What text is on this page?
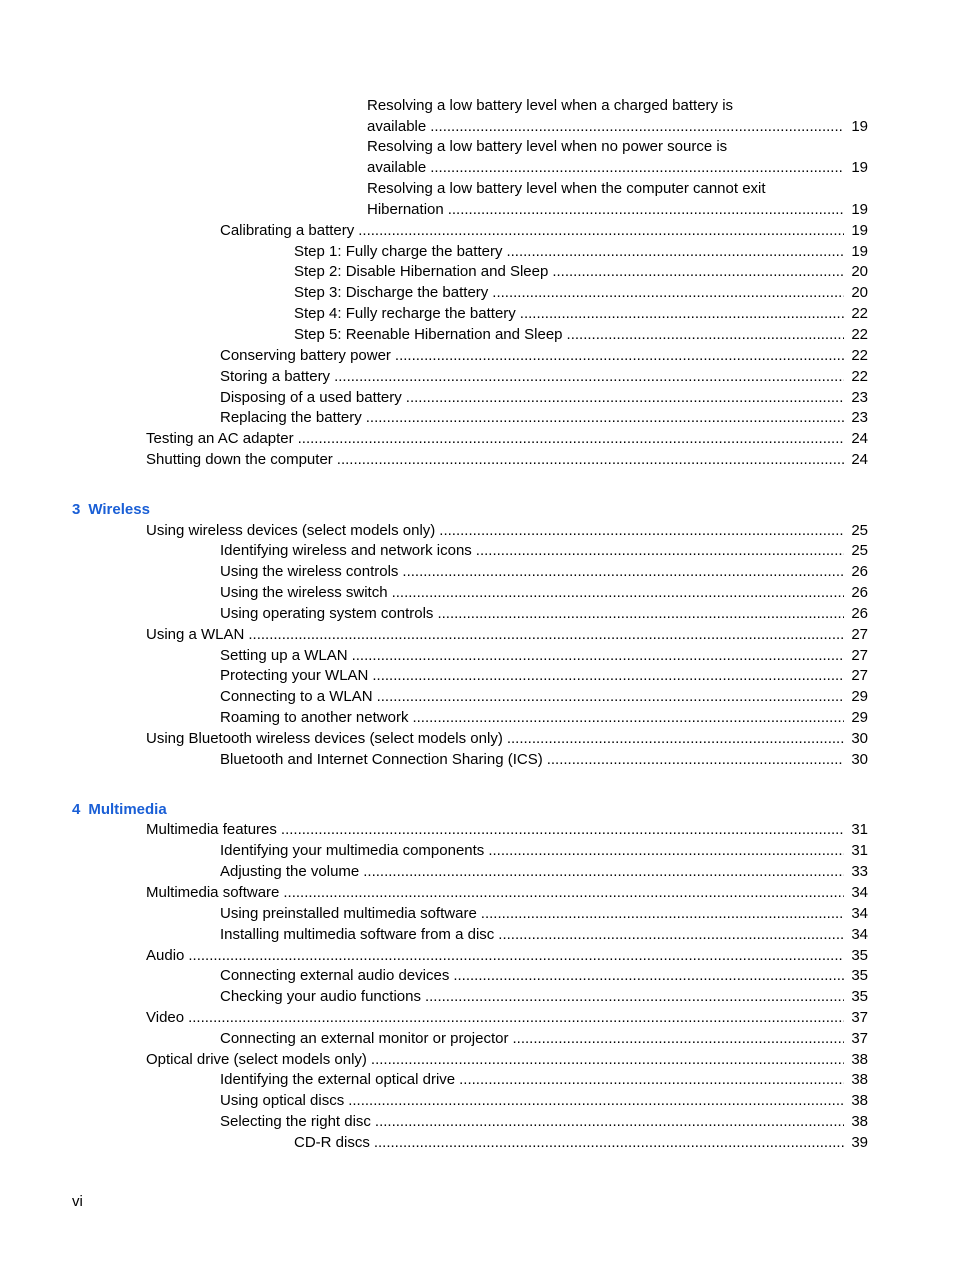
Resolving a low battery level when a charged battery is
available .....	19
Resolving a low battery level when no power source is
available .....	19
Resolving a low battery level when the computer cannot exit
Hibernation .....	19
Calibrating a battery .....	19
Step 1: Fully charge the battery .....	19
Step 2: Disable Hibernation and Sleep .....	20
Step 3: Discharge the battery .....	20
Step 4: Fully recharge the battery .....	22
Step 5: Reenable Hibernation and Sleep .....	22
Conserving battery power .....	22
Storing a battery .....	22
Disposing of a used battery .....	23
Replacing the battery .....	23
Testing an AC adapter .....	24
Shutting down the computer .....	24
3 Wireless
Using wireless devices (select models only) .....	25
Identifying wireless and network icons .....	25
Using the wireless controls .....	26
Using the wireless switch .....	26
Using operating system controls .....	26
Using a WLAN .....	27
Setting up a WLAN .....	27
Protecting your WLAN .....	27
Connecting to a WLAN .....	29
Roaming to another network .....	29
Using Bluetooth wireless devices (select models only) .....	30
Bluetooth and Internet Connection Sharing (ICS) .....	30
4 Multimedia
Multimedia features .....	31
Identifying your multimedia components .....	31
Adjusting the volume .....	33
Multimedia software .....	34
Using preinstalled multimedia software .....	34
Installing multimedia software from a disc .....	34
Audio .....	35
Connecting external audio devices .....	35
Checking your audio functions .....	35
Video .....	37
Connecting an external monitor or projector .....	37
Optical drive (select models only) .....	38
Identifying the external optical drive .....	38
Using optical discs .....	38
Selecting the right disc .....	38
CD-R discs .....	39
vi
